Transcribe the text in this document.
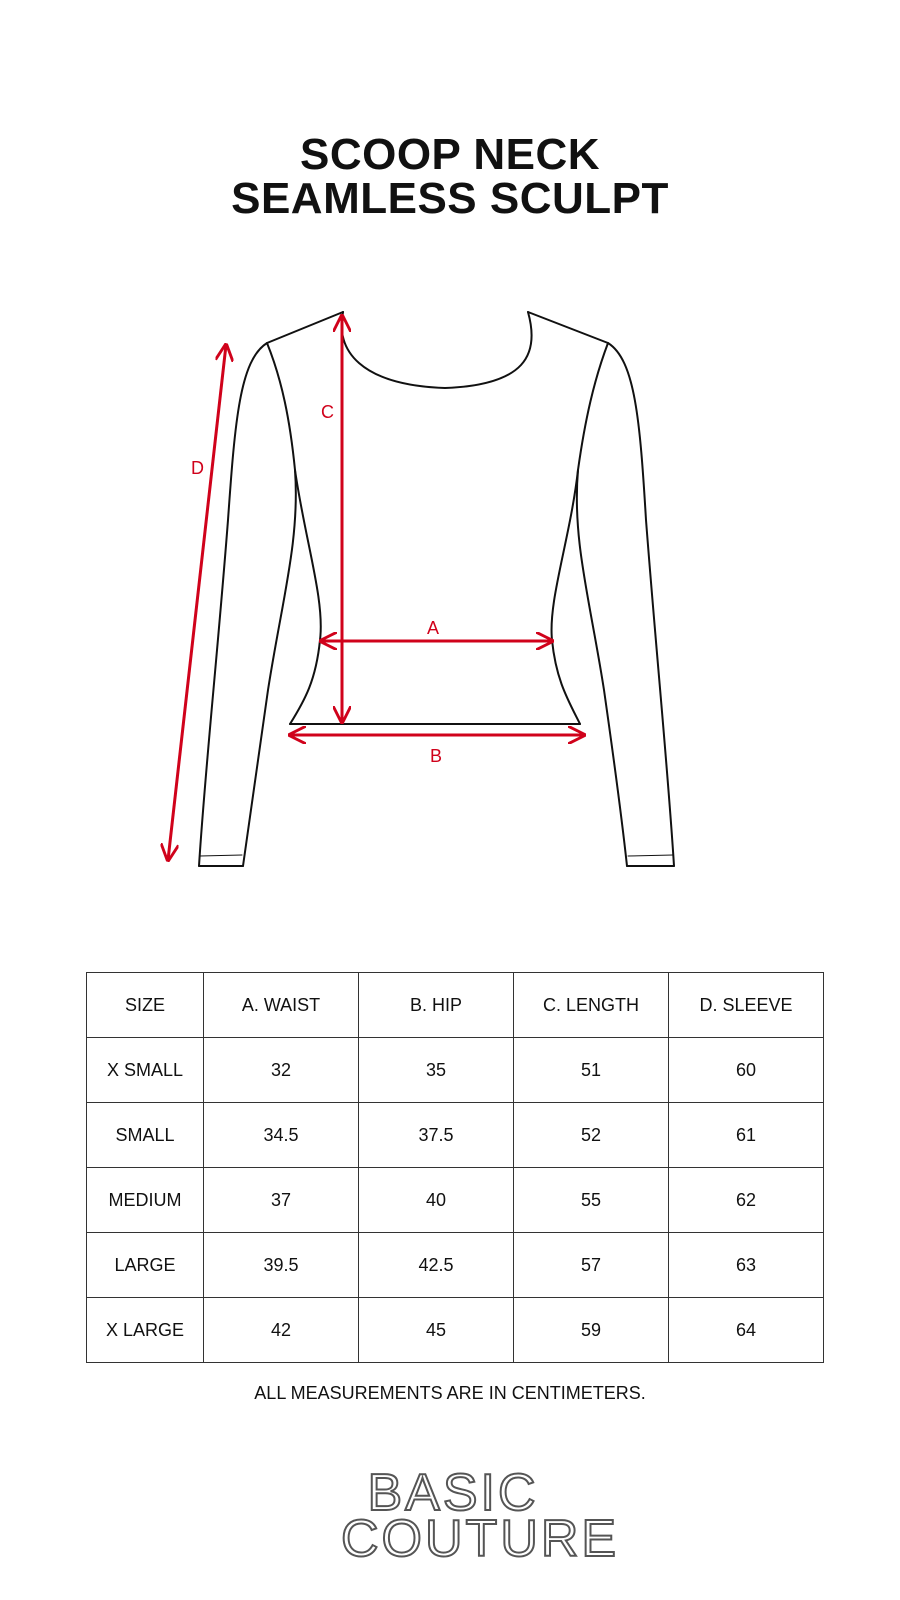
SCOOP NECK
SEAMLESS SCULPT
D
C
A
B
SIZE	A. WAIST	B. HIP	C. LENGTH	D. SLEEVE
X SMALL	32	35	51	60
SMALL	34.5	37.5	52	61
MEDIUM	37	40	55	62
LARGE	39.5	42.5	57	63
X LARGE	42	45	59	64
ALL MEASUREMENTS ARE IN CENTIMETERS.
BASIC
COUTURE
